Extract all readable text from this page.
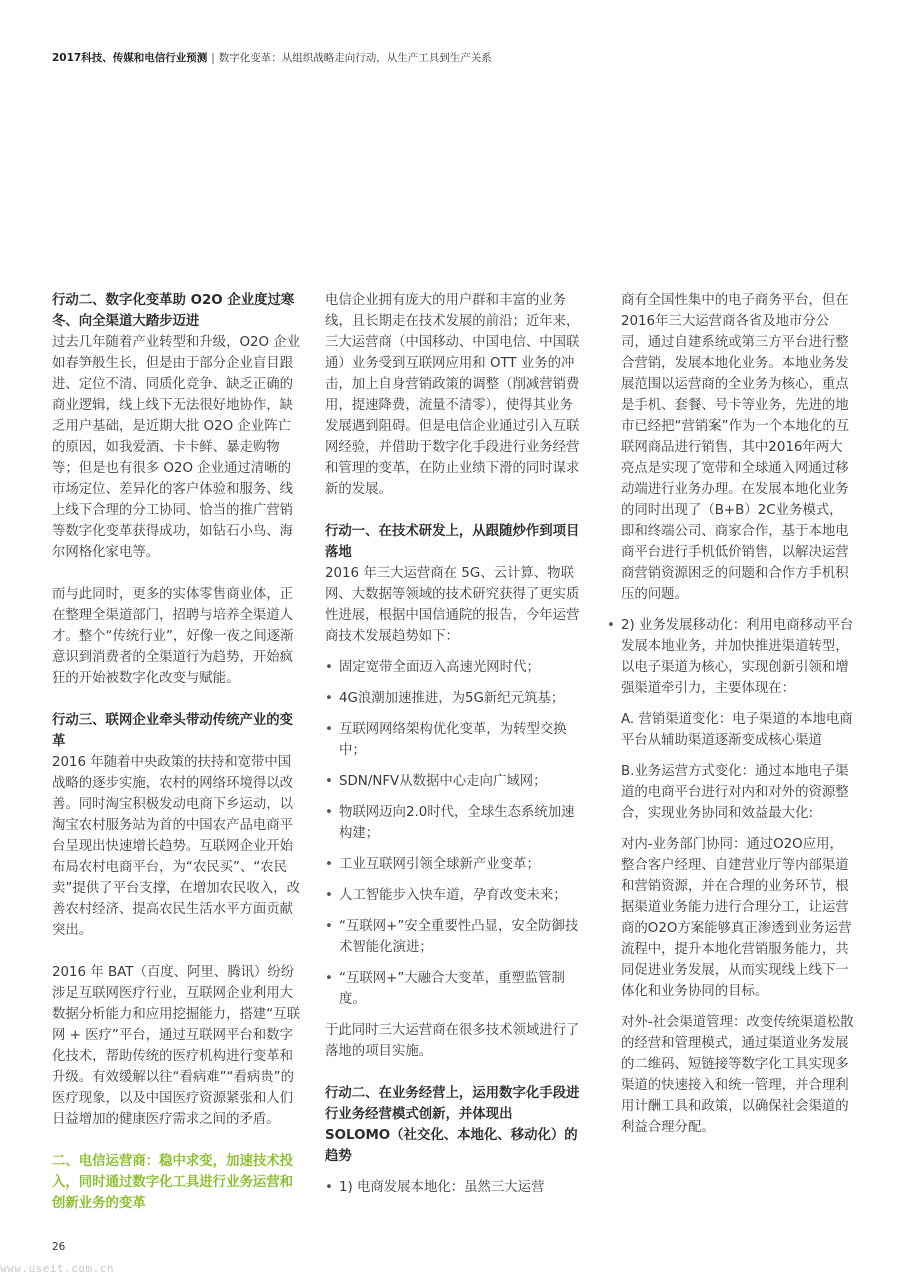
2017科技、传媒和电信行业预测 | 数字化变革：从组织战略走向行动，从生产工具到生产关系

行动二、数字化变革助 O2O 企业度过寒冬、向全渠道大踏步迈进

过去几年随着产业转型和升级，O2O 企业如春笋般生长，但是由于部分企业盲目跟进、定位不清、同质化竞争、缺乏正确的商业逻辑，线上线下无法很好地协作，缺乏用户基础，是近期大批 O2O 企业阵亡的原因，如我爱酒、卡卡鲜、暴走购物等；但是也有很多 O2O 企业通过清晰的市场定位、差异化的客户体验和服务、线上线下合理的分工协同、恰当的推广营销等数字化变革获得成功，如钻石小鸟、海尔网格化家电等。

而与此同时，更多的实体零售商业体，正在整理全渠道部门，招聘与培养全渠道人才。整个“传统行业”，好像一夜之间逐渐意识到消费者的全渠道行为趋势，开始疯狂的开始被数字化改变与赋能。

行动三、联网企业牵头带动传统产业的变革

2016 年随着中央政策的扶持和宽带中国战略的逐步实施，农村的网络环境得以改善。同时淘宝积极发动电商下乡运动，以淘宝农村服务站为首的中国农产品电商平台呈现出快速增长趋势。互联网企业开始布局农村电商平台，为“农民买”、“农民卖”提供了平台支撑，在增加农民收入，改善农村经济、提高农民生活水平方面贡献突出。

2016 年 BAT（百度、阿里、腾讯）纷纷涉足互联网医疗行业，互联网企业利用大数据分析能力和应用挖掘能力，搭建“互联网 + 医疗”平台，通过互联网平台和数字化技术，帮助传统的医疗机构进行变革和升级。有效缓解以往“看病难”“看病贵”的医疗现象，以及中国医疗资源紧张和人们日益增加的健康医疗需求之间的矛盾。

二、电信运营商：稳中求变，加速技术投入，同时通过数字化工具进行业务运营和创新业务的变革

电信企业拥有庞大的用户群和丰富的业务线，且长期走在技术发展的前沿；近年来，三大运营商（中国移动、中国电信、中国联通）业务受到互联网应用和 OTT 业务的冲击，加上自身营销政策的调整（削减营销费用，提速降费，流量不清零），使得其业务发展遇到阻碍。但是电信企业通过引入互联网经验，并借助于数字化手段进行业务经营和管理的变革，在防止业绩下滑的同时谋求新的发展。

行动一、在技术研发上，从跟随炒作到项目落地

2016 年三大运营商在 5G、云计算、物联网、大数据等领域的技术研究获得了更实质性进展，根据中国信通院的报告，今年运营商技术发展趋势如下：

• 固定宽带全面迈入高速光网时代；
• 4G浪潮加速推进，为5G新纪元筑基；
• 互联网网络架构优化变革，为转型交换中；
• SDN/NFV从数据中心走向广域网；
• 物联网迈向2.0时代，全球生态系统加速构建；
• 工业互联网引领全球新产业变革；
• 人工智能步入快车道，孕育改变未来；
• “互联网+”安全重要性凸显，安全防御技术智能化演进；
• “互联网+”大融合大变革，重塑监管制度。

于此同时三大运营商在很多技术领域进行了落地的项目实施。

行动二、在业务经营上，运用数字化手段进行业务经营模式创新，并体现出 SOLOMO（社交化、本地化、移动化）的趋势

• 1) 电商发展本地化：虽然三大运营

商有全国性集中的电子商务平台，但在2016年三大运营商各省及地市分公司，通过自建系统或第三方平台进行整合营销，发展本地化业务。本地业务发展范围以运营商的全业务为核心，重点是手机、套餐、号卡等业务，先进的地市已经把“营销案”作为一个本地化的互联网商品进行销售，其中2016年两大亮点是实现了宽带和全球通入网通过移动端进行业务办理。在发展本地化业务的同时出现了（B+B）2C业务模式，即和终端公司、商家合作，基于本地电商平台进行手机低价销售，以解决运营商营销资源困乏的问题和合作方手机积压的问题。

• 2) 业务发展移动化：利用电商移动平台发展本地业务，并加快推进渠道转型，以电子渠道为核心，实现创新引领和增强渠道牵引力，主要体现在：

A. 营销渠道变化：电子渠道的本地电商平台从辅助渠道逐渐变成核心渠道

B.业务运营方式变化：通过本地电子渠道的电商平台进行对内和对外的资源整合，实现业务协同和效益最大化:

对内-业务部门协同：通过O2O应用，整合客户经理、自建营业厅等内部渠道和营销资源，并在合理的业务环节，根据渠道业务能力进行合理分工，让运营商的O2O方案能够真正渗透到业务运营流程中，提升本地化营销服务能力，共同促进业务发展，从而实现线上线下一体化和业务协同的目标。

对外-社会渠道管理：改变传统渠道松散的经营和管理模式，通过渠道业务发展的二维码、短链接等数字化工具实现多渠道的快速接入和统一管理，并合理利用计酬工具和政策，以确保社会渠道的利益合理分配。

26
www.useit.com.cn
